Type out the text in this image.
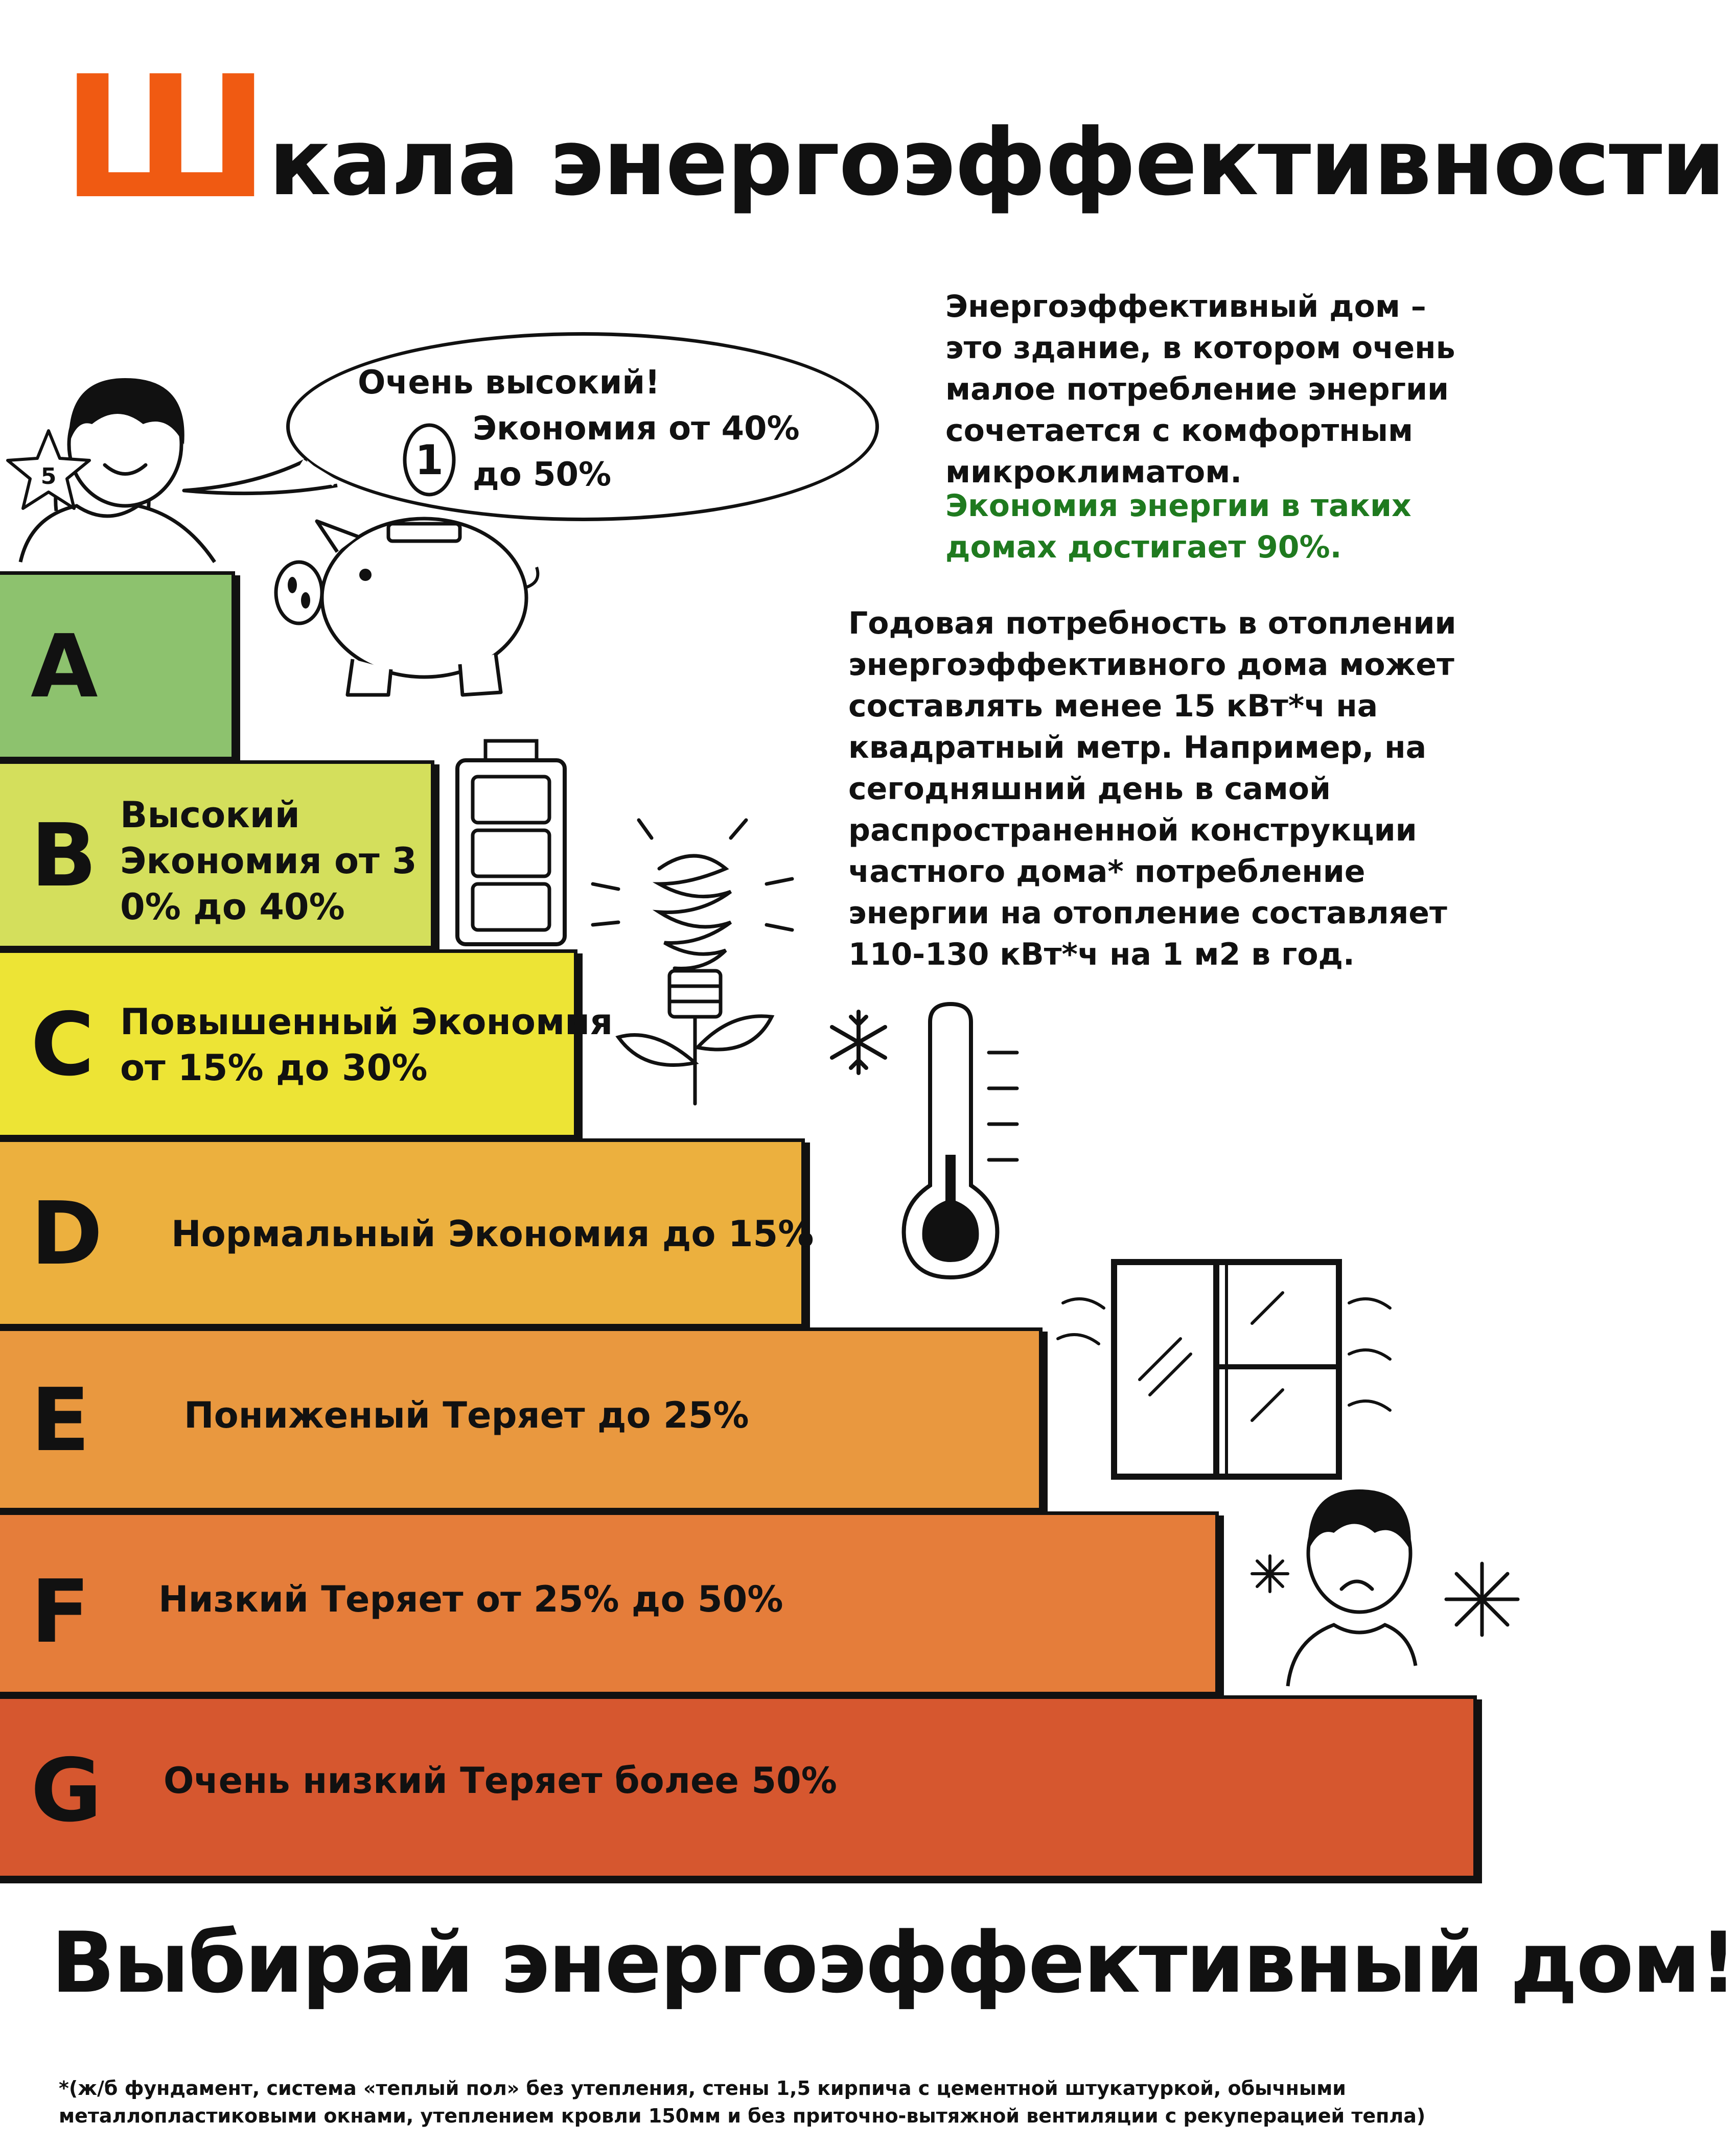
Ш кала энергоэффективности

Энергоэффективный дом – это здание, в котором очень малое потребление энергии сочетается с комфортным микроклиматом.

Экономия энергии в таких домах достигает 90%.

Годовая потребность в отоплении энергоэффективного дома может составлять менее 15 кВт*ч на квадратный метр. Например, на сегодняшний день в самой распространенной конструкции частного дома* потребление энергии на отопление составляет 110-130 кВт*ч на 1 м2 в год.

Очень высокий!
Экономия от 40%
до 50%
1
5
A
B Высокий
Экономия от 3
0% до 40%
C Повышенный Экономия
от 15% до 30%
D Нормальный Экономия до 15%
E	Пониженый Теряет до 25%
F Низкий Теряет от 25% до 50%
G Очень низкий Теряет более 50%
Выбирай энергоэффективный дом!

*(ж/б фундамент, система «теплый пол» без утепления, стены 1,5 кирпича с цементной штукатуркой, обычными металлопластиковыми окнами, утеплением кровли 150мм и без приточно-вытяжной вентиляции с рекуперацией тепла)
